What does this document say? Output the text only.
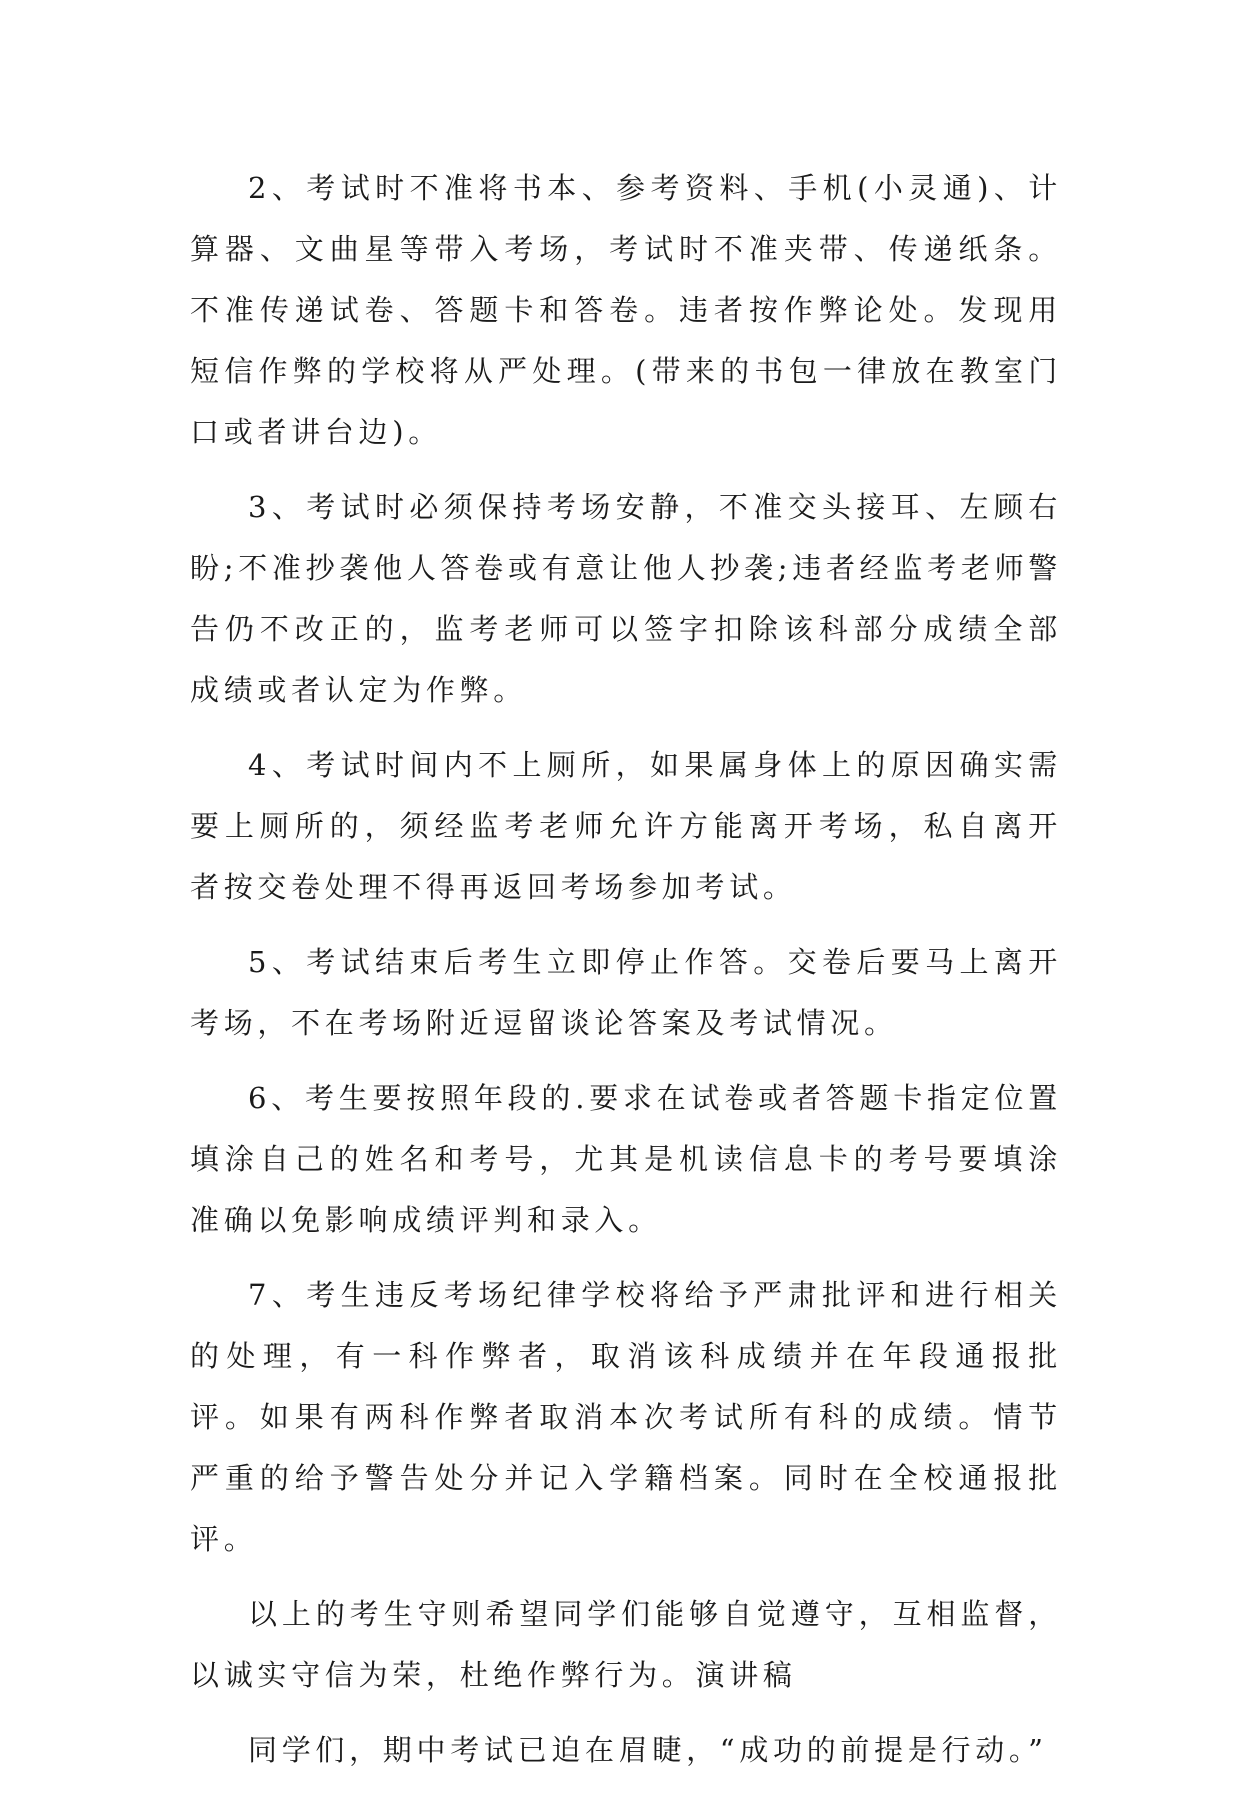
2、考试时不准将书本、参考资料、手机(小灵通)、计算器、文曲星等带入考场，考试时不准夹带、传递纸条。不准传递试卷、答题卡和答卷。违者按作弊论处。发现用短信作弊的学校将从严处理。(带来的书包一律放在教室门口或者讲台边)。

3、考试时必须保持考场安静，不准交头接耳、左顾右盼;不准抄袭他人答卷或有意让他人抄袭;违者经监考老师警告仍不改正的，监考老师可以签字扣除该科部分成绩全部成绩或者认定为作弊。

4、考试时间内不上厕所，如果属身体上的原因确实需要上厕所的，须经监考老师允许方能离开考场，私自离开者按交卷处理不得再返回考场参加考试。

5、考试结束后考生立即停止作答。交卷后要马上离开考场，不在考场附近逗留谈论答案及考试情况。

6、考生要按照年段的.要求在试卷或者答题卡指定位置填涂自己的姓名和考号，尤其是机读信息卡的考号要填涂准确以免影响成绩评判和录入。

7、考生违反考场纪律学校将给予严肃批评和进行相关的处理，有一科作弊者，取消该科成绩并在年段通报批评。如果有两科作弊者取消本次考试所有科的成绩。情节严重的给予警告处分并记入学籍档案。同时在全校通报批评。

以上的考生守则希望同学们能够自觉遵守，互相监督，以诚实守信为荣，杜绝作弊行为。演讲稿

同学们，期中考试已迫在眉睫，“成功的前提是行动。”
